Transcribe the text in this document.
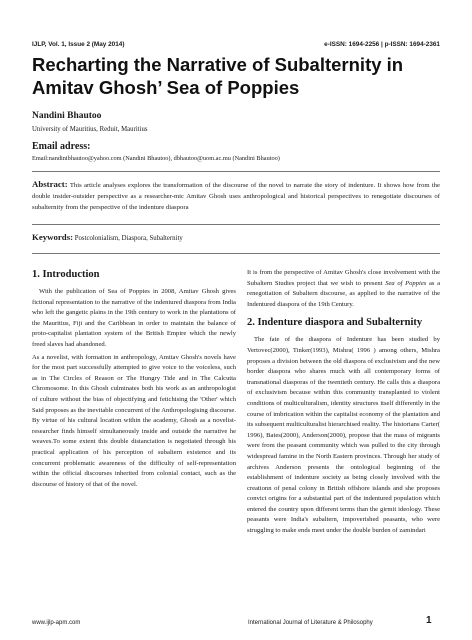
IJLP, Vol. 1, Issue 2 (May 2014)	e-ISSN: 1694-2256 | p-ISSN: 1694-2361
Recharting the Narrative of Subalternity in Amitav Ghosh’ Sea of Poppies
Nandini Bhautoo
University of Mauritius, Reduit, Mauritius
Email adress:
Email:nandinibhautoo@yahoo.com (Nandini Bhautoo), dbhautoo@uom.ac.mu (Nandini Bhautoo)
Abstract: This article analyses explores the transformation of the discourse of the novel to narrate the story of indenture. It shows how from the double insider-outsider perspective as a researcher-mic Amitav Ghosh uses anthropological and historical perspectives to renegotiate discourses of subalternity from the perspective of the indenture diaspora
Keywords: Postcolonialism, Diaspora, Subalternity
1. Introduction
With the publication of Sea of Poppies in 2008, Amitav Ghosh gives fictional representation to the narrative of the indentured diaspora from India who left the gangetic plains in the 19th century to work in the plantations of the Mauritius, Fiji and the Caribbean in order to maintain the balance of proto-capitalist plantation system of the British Empire which the newly freed slaves had abandoned.
As a novelist, with formation in anthropology, Amitav Ghosh's novels have for the most part successfully attempted to give voice to the voiceless, such as in The Circles of Reason or The Hungry Tide and in The Calcutta Chromosome. In this Ghosh culminates both his work as an anthropologist of culture without the bias of objectifying and fetichising the 'Other' which Said proposes as the inevitable concurrent of the Anthropologising discourse. By virtue of his cultural location within the academy, Ghosh as a novelist-researcher finds himself simultaneously inside and outside the narrative he weaves.To some extent this double distanciation is negotiated through his practical application of his perception of subaltern existence and its concurrent problematic awareness of the difficulty of self-representation within the official discourses inherited from colonial contact, such as the discourse of history of that of the novel.
It is from the perspective of Amitav Ghosh's close involvement with the Subaltern Studies project that we wish to present Sea of Poppies as a renegotiation of Subaltern discourse, as applied to the narrative of the Indentured diaspora of the 19th Century.
2. Indenture diaspora and Subalternity
The fate of the diaspora of Indenture has been studied by Vertovec(2000), Tinker(1993), Mishra( 1996 ) among others, Mishra proposes a division between the old diaspora of exclusivism and the new border diaspora who shares much with all contemporary forms of transnational diasporas of the twentieth century. He calls this a diaspora of exclusivism because within this community transplanted to violent conditions of multiculturalism, identity structures itself differently in the course of imbrication within the capitalist economy of the plantation and its subsequent multiculturalist hierarchised reality. The historians Carter( 1996), Bates(2000), Anderson(2000), propose that the mass of migrants were from the peasant community which was pulled to the city through widespread famine in the North Eastern provinces. Through her study of archives Anderson presents the ontological beginning of the establishment of indenture society as being closely involved with the creationn of penal colony in British offshore islands and she proposes convict origins for a substantial part of the indentured population which entered the country upon different terms than the girmit ideology. These peasants were India's subaltern, impoverished peasants, who were struggling to make ends meet under the double burden of zamindari
www.ijlp-apm.com	International Journal of Literature & Philosophy	1
